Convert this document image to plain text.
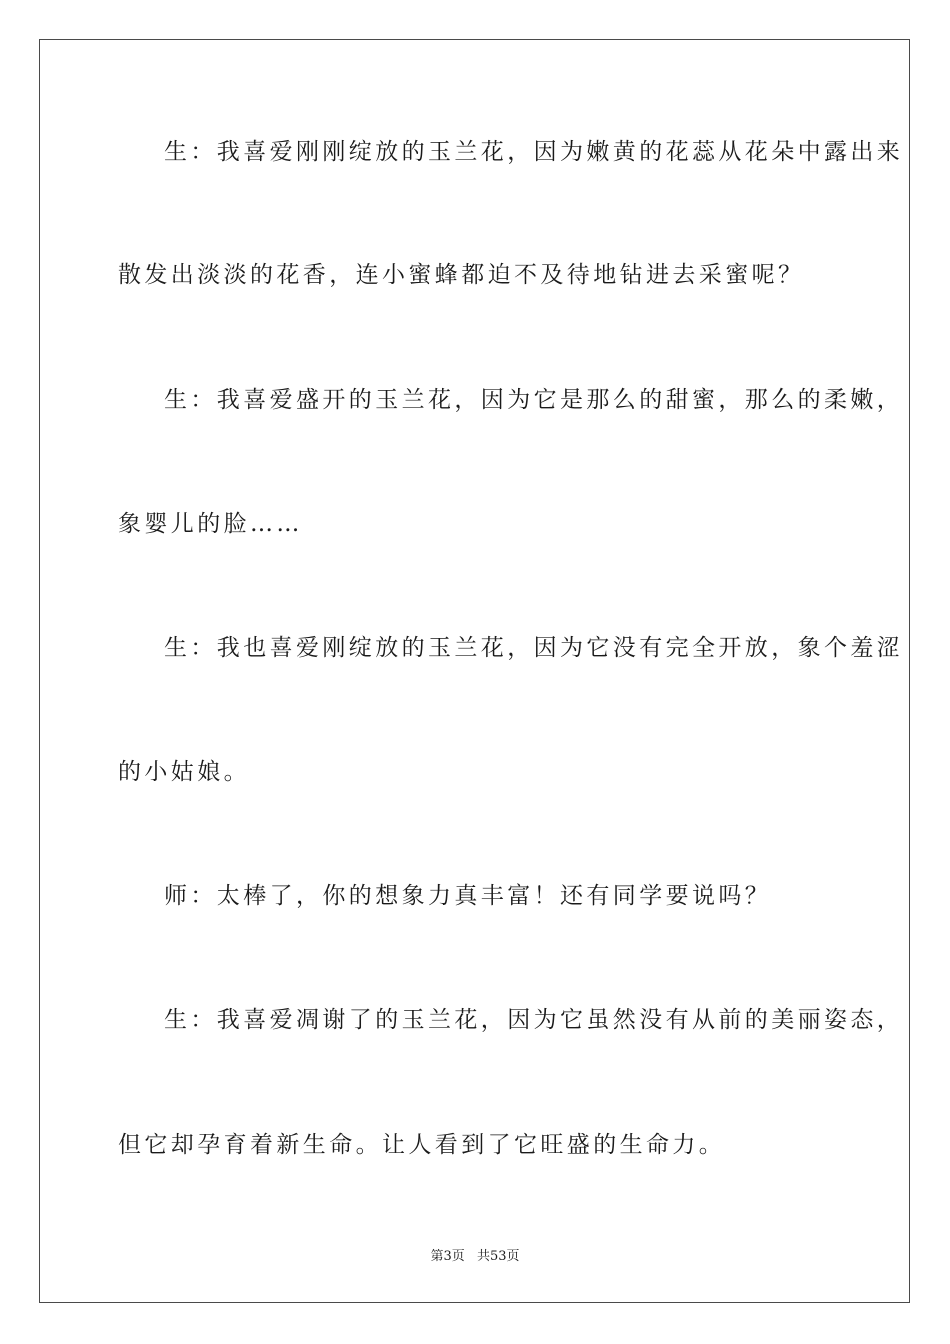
生：我喜爱刚刚绽放的玉兰花，因为嫩黄的花蕊从花朵中露出来
散发出淡淡的花香，连小蜜蜂都迫不及待地钻进去采蜜呢？
生：我喜爱盛开的玉兰花，因为它是那么的甜蜜，那么的柔嫩，
象婴儿的脸……
生：我也喜爱刚绽放的玉兰花，因为它没有完全开放，象个羞涩
的小姑娘。
师：太棒了，你的想象力真丰富！还有同学要说吗？
生：我喜爱凋谢了的玉兰花，因为它虽然没有从前的美丽姿态，
但它却孕育着新生命。让人看到了它旺盛的生命力。
第3页 共53页
